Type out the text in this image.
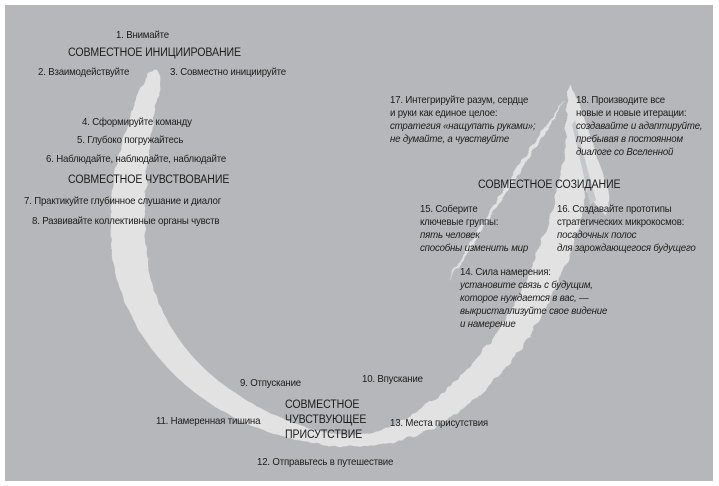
1. Внимайте
СОВМЕСТНОЕ ИНИЦИИРОВАНИЕ
2. Взаимодействуйте	3. Совместно инициируйте
4. Сформируйте команду
5. Глубоко погружайтесь
6. Наблюдайте, наблюдайте, наблюдайте
СОВМЕСТНОЕ ЧУВСТВОВАНИЕ
7. Практикуйте глубинное слушание и диалог
8. Развивайте коллективные органы чувств
9. Отпускание	10. Впускание
11. Намеренная тишина
СОВМЕСТНОЕ
ЧУВСТВУЮЩЕЕ
ПРИСУТСТВИЕ
13. Места присутствия
12. Отправьтесь в путешествие
17. Интегрируйте разум, сердце
и руки как единое целое:
стратегия «нащупать руками»;
не думайте, а чувствуйте
18. Производите все
новые и новые итерации:
создавайте и адаптируйте,
пребывая в постоянном
диалоге со Вселенной
СОВМЕСТНОЕ СОЗИДАНИЕ
15. Соберите
ключевые группы:
пять человек
способны изменить мир
16. Создавайте прототипы
стратегических микрокосмов:
посадочных полос
для зарождающегося будущего
14. Сила намерения:
установите связь с будущим,
которое нуждается в вас, —
выкристаллизуйте свое видение
и намерение
